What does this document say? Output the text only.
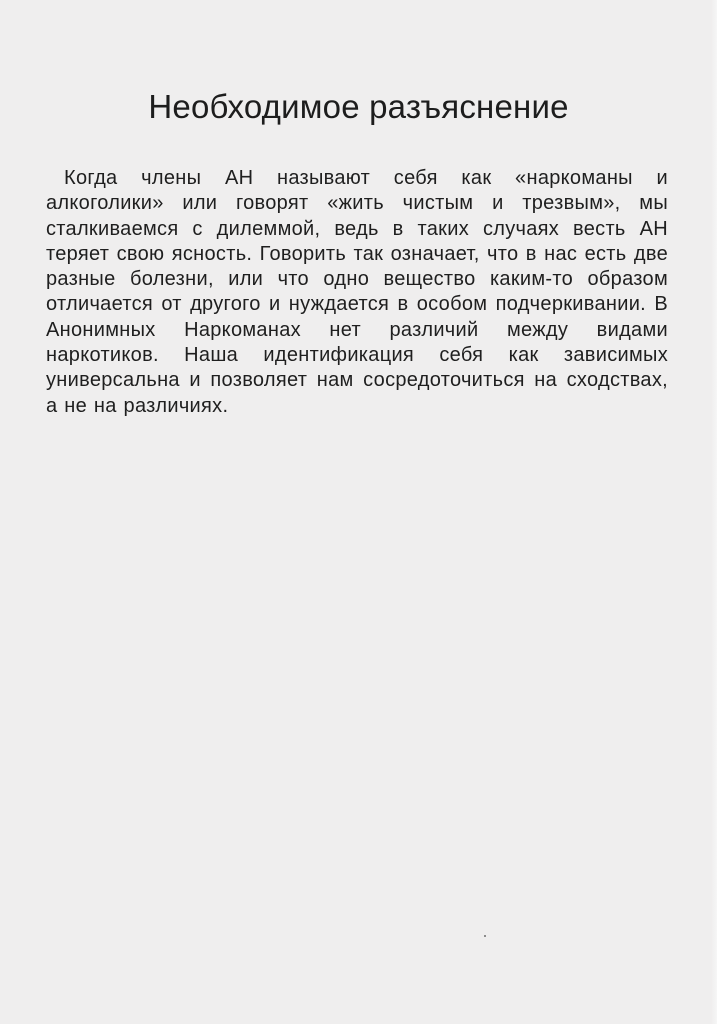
Необходимое разъяснение

Когда члены АН называют себя как «наркоманы и алкоголики» или говорят «жить чистым и трезвым», мы сталкиваемся с дилеммой, ведь в таких случаях весть АН теряет свою ясность. Говорить так означает, что в нас есть две разные болезни, или что одно вещество каким-то образом отличается от другого и нуждается в особом подчеркивании. В Анонимных Наркоманах нет различий между видами наркотиков. Наша идентификация себя как зависимых универсальна и позволяет нам сосредоточиться на сходствах, а не на различиях.
